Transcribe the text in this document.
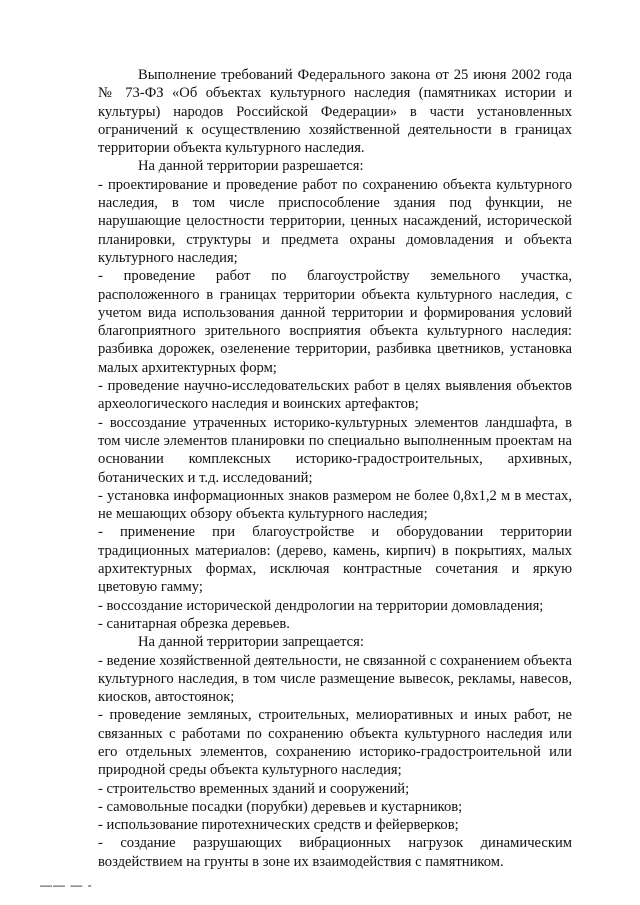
Выполнение требований Федерального закона от 25 июня 2002 года № 73-ФЗ «Об объектах культурного наследия (памятниках истории и культуры) народов Российской Федерации» в части установленных ограничений к осуществлению хозяйственной деятельности в границах территории объекта культурного наследия.

На данной территории разрешается:

- проектирование и проведение работ по сохранению объекта культурного наследия, в том числе приспособление здания под функции, не нарушающие целостности территории, ценных насаждений, исторической планировки, структуры и предмета охраны домовладения и объекта культурного наследия;

- проведение работ по благоустройству земельного участка, расположенного в границах территории объекта культурного наследия, с учетом вида использования данной территории и формирования условий благоприятного зрительного восприятия объекта культурного наследия: разбивка дорожек, озеленение территории, разбивка цветников, установка малых архитектурных форм;

- проведение научно-исследовательских работ в целях выявления объектов археологического наследия и воинских артефактов;

- воссоздание утраченных историко-культурных элементов ландшафта, в том числе элементов планировки по специально выполненным проектам на основании комплексных историко-градостроительных, архивных, ботанических и т.д. исследований;

- установка информационных знаков размером не более 0,8х1,2 м в местах, не мешающих обзору объекта культурного наследия;

- применение при благоустройстве и оборудовании территории традиционных материалов: (дерево, камень, кирпич) в покрытиях, малых архитектурных формах, исключая контрастные сочетания и яркую цветовую гамму;

- воссоздание исторической дендрологии на территории домовладения;

- санитарная обрезка деревьев.

На данной территории запрещается:

- ведение хозяйственной деятельности, не связанной с сохранением объекта культурного наследия, в том числе размещение вывесок, рекламы, навесов, киосков, автостоянок;

- проведение земляных, строительных, мелиоративных и иных работ, не связанных с работами по сохранению объекта культурного наследия или его отдельных элементов, сохранению историко-градостроительной или природной среды объекта культурного наследия;

- строительство временных зданий и сооружений;

- самовольные посадки (порубки) деревьев и кустарников;

- использование пиротехнических средств и фейерверков;

- создание разрушающих вибрационных нагрузок динамическим воздействием на грунты в зоне их взаимодействия с памятником.

—— — -
